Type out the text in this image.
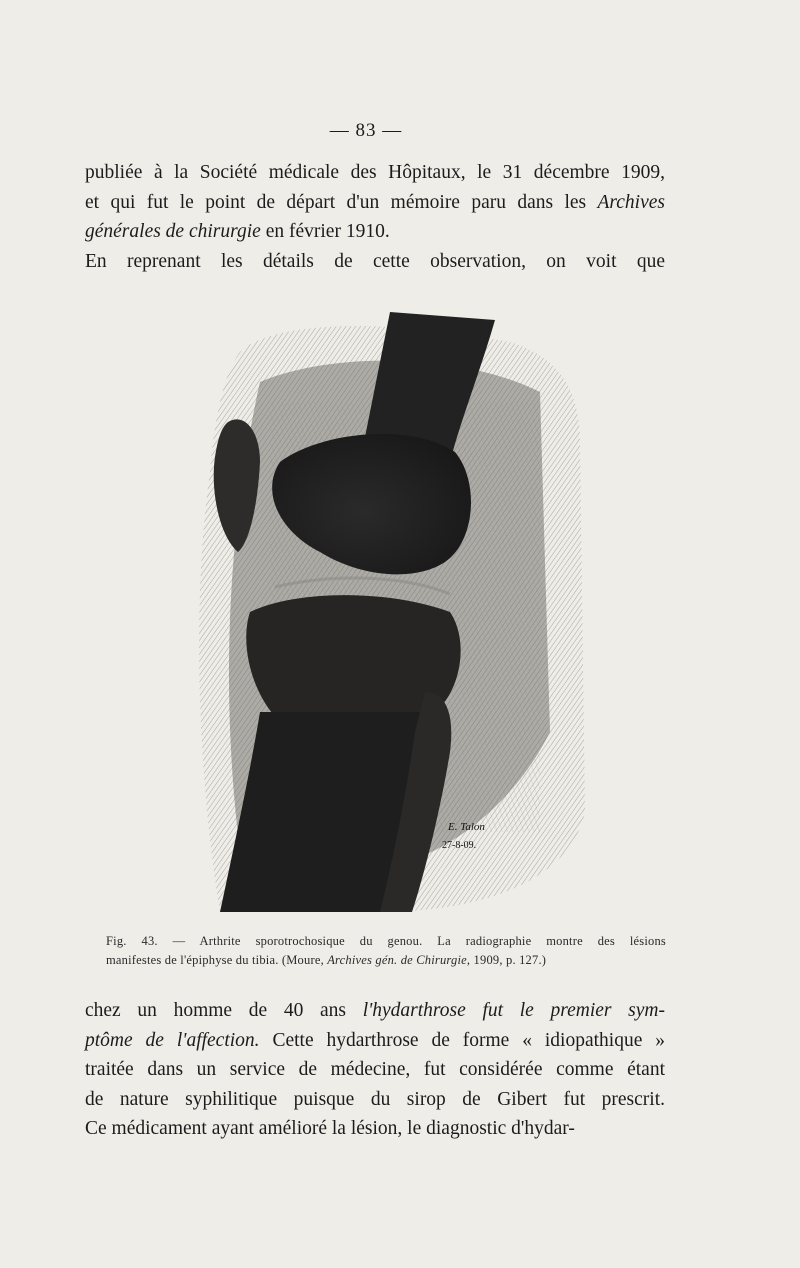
— 83 —
publiée à la Société médicale des Hôpitaux, le 31 décembre 1909,
et qui fut le point de départ d'un mémoire paru dans les Archives
générales de chirurgie en février 1910.
En reprenant les détails de cette observation, on voit que
E. Talon
27-8-09.
Fig. 43. — Arthrite sporotrochosique du genou. La radiographie montre des lésions
manifestes de l'épiphyse du tibia. (Moure, Archives gén. de Chirurgie, 1909, p. 127.)
chez un homme de 40 ans l'hydarthrose fut le premier sym-
ptôme de l'affection. Cette hydarthrose de forme « idiopathique »
traitée dans un service de médecine, fut considérée comme étant
de nature syphilitique puisque du sirop de Gibert fut prescrit.
Ce médicament ayant amélioré la lésion, le diagnostic d'hydar-
